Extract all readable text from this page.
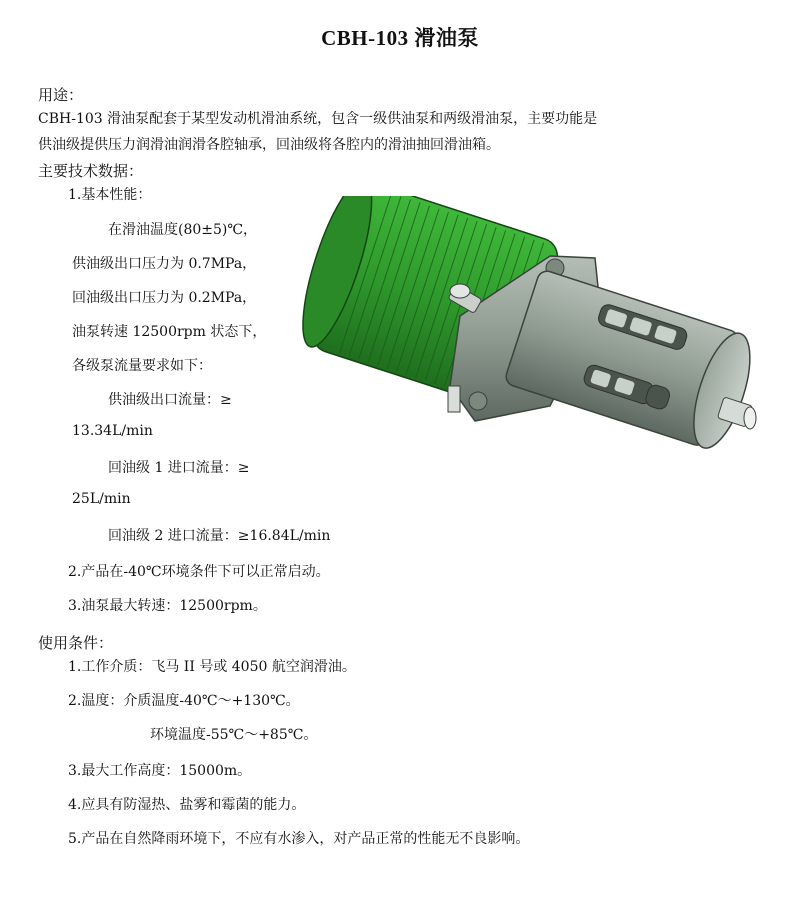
CBH-103 滑油泵
用途：
CBH-103 滑油泵配套于某型发动机滑油系统，包含一级供油泵和两级滑油泵，主要功能是
供油级提供压力润滑油润滑各腔轴承，回油级将各腔内的滑油抽回滑油箱。
主要技术数据：
1.基本性能：
在滑油温度(80±5)℃，
供油级出口压力为 0.7MPa，
回油级出口压力为 0.2MPa，
油泵转速 12500rpm 状态下，
各级泵流量要求如下：
供油级出口流量：≥
13.34L/min
回油级 1 进口流量：≥
25L/min
回油级 2 进口流量：≥16.84L/min
2.产品在-40℃环境条件下可以正常启动。
3.油泵最大转速：12500rpm。
使用条件：
1.工作介质：飞马 II 号或 4050 航空润滑油。
2.温度：介质温度-40℃～+130℃。
环境温度-55℃～+85℃。
3.最大工作高度：15000m。
4.应具有防湿热、盐雾和霉菌的能力。
5.产品在自然降雨环境下，不应有水渗入，对产品正常的性能无不良影响。
